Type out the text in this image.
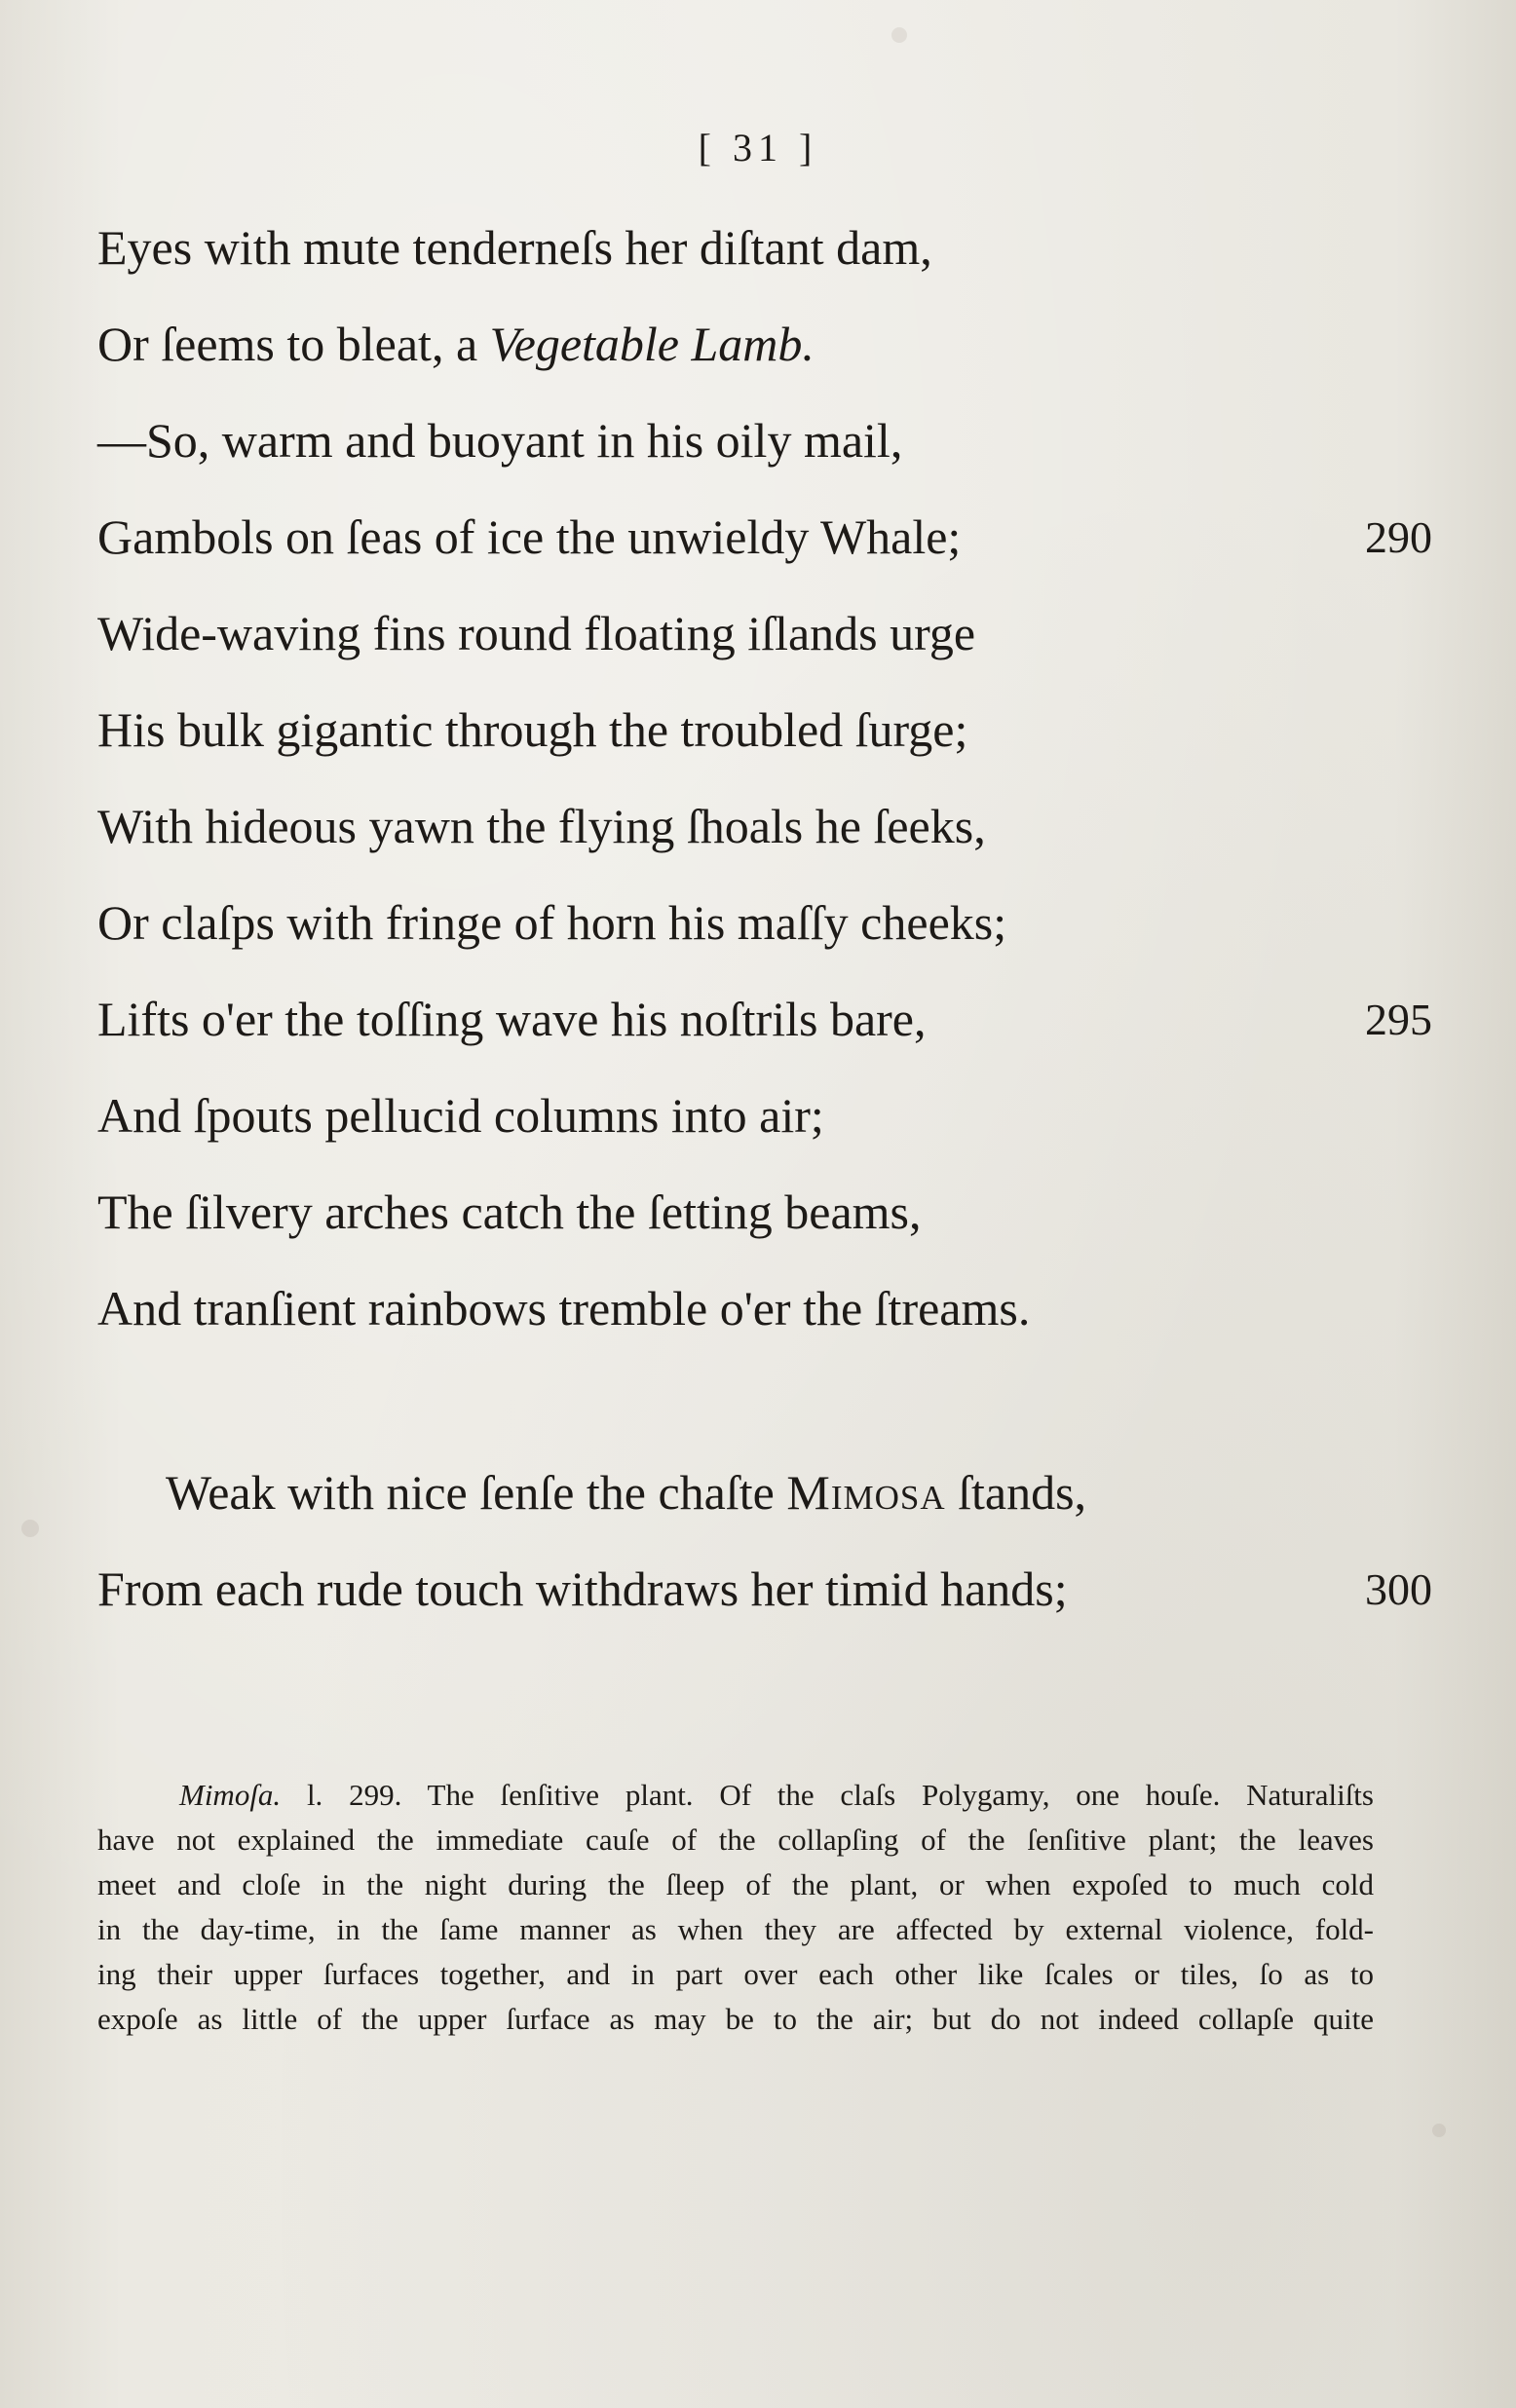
[ 31 ]
Eyes with mute tenderneſs her diſtant dam,
Or ſeems to bleat, a Vegetable Lamb.
—So, warm and buoyant in his oily mail,
Gambols on ſeas of ice the unwieldy Whale;	290
Wide-waving fins round floating iſlands urge
His bulk gigantic through the troubled ſurge;
With hideous yawn the flying ſhoals he ſeeks,
Or claſps with fringe of horn his maſſy cheeks;
Lifts o'er the toſſing wave his noſtrils bare,	295
And ſpouts pellucid columns into air;
The ſilvery arches catch the ſetting beams,
And tranſient rainbows tremble o'er the ſtreams.
Weak with nice ſenſe the chaſte Mimosa ſtands,
From each rude touch withdraws her timid hands;	300
Mimoſa. l. 299. The ſenſitive plant. Of the claſs Polygamy, one houſe. Naturaliſts
have not explained the immediate cauſe of the collapſing of the ſenſitive plant; the leaves
meet and cloſe in the night during the ſleep of the plant, or when expoſed to much cold
in the day-time, in the ſame manner as when they are affected by external violence, fold-
ing their upper ſurfaces together, and in part over each other like ſcales or tiles, ſo as to
expoſe as little of the upper ſurface as may be to the air; but do not indeed collapſe quite
